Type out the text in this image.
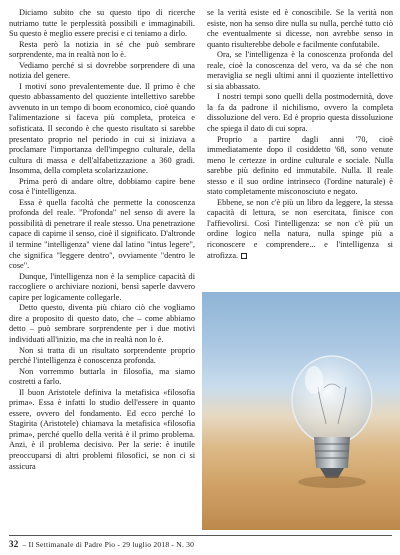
Diciamo subito che su questo tipo di ricerche nutriamo tutte le perplessità possibili e immaginabili. Su questo è meglio essere precisi e ci teniamo a dirlo.

Resta però la notizia in sé che può sembrare sorprendente, ma in realtà non lo è.

Vediamo perché si si dovrebbe sorprendere di una notizia del genere.

I motivi sono prevalentemente due. Il primo è che questo abbassamento del quoziente intellettivo sarebbe avvenuto in un tempo di boom economico, cioè quando l'alimentazione si faceva più completa, proteica e sofisticata. Il secondo è che questo risultato si sarebbe presentato proprio nel periodo in cui si iniziava a proclamare l'importanza dell'impegno culturale, della cultura di massa e dell'alfabetizzazione a 360 gradi. Insomma, della completa scolarizzazione.

Prima però di andare oltre, dobbiamo capire bene cosa è l'intelligenza.

Essa è quella facoltà che permette la conoscenza profonda del reale. "Profonda" nel senso di avere la possibilità di penetrare il reale stesso. Una penetrazione capace di capirne il senso, cioè il significato. D'altronde il termine "intelligenza" viene dal latino "intus legere", che significa "leggere dentro", ovviamente "dentro le cose".

Dunque, l'intelligenza non è la semplice capacità di raccogliere o archiviare nozioni, bensì saperle davvero capire per logicamente collegarle.

Detto questo, diventa più chiaro ciò che vogliamo dire a proposito di questo dato, che – come abbiamo detto – può sembrare sorprendente per i due motivi individuati all'inizio, ma che in realtà non lo è.

Non si tratta di un risultato sorprendente proprio perché l'intelligenza è conoscenza profonda.

Non vorremmo buttarla in filosofia, ma siamo costretti a farlo.

Il buon Aristotele definiva la metafisica «filosofia prima». Essa è infatti lo studio dell'essere in quanto essere, ovvero del fondamento. Ed ecco perché lo Stagirita (Aristotele) chiamava la metafisica «filosofia prima», perché quello della verità è il primo problema. Anzi, è il problema decisivo. Per la serie: è inutile preoccuparsi di altri problemi filosofici, se non ci si assicura

se la verità esiste ed è conoscibile. Se la verità non esiste, non ha senso dire nulla su nulla, perché tutto ciò che eventualmente si dicesse, non avrebbe senso in quanto risulterebbe debole e facilmente confutabile.

Ora, se l'intelligenza è la conoscenza profonda del reale, cioè la conoscenza del vero, va da sé che non meraviglia se negli ultimi anni il quoziente intellettivo si sia abbassato.

I nostri tempi sono quelli della postmodernità, dove la fa da padrone il nichilismo, ovvero la completa dissoluzione del vero. Ed è proprio questa dissoluzione che spiega il dato di cui sopra.

Proprio a partire dagli anni '70, cioè immediatamente dopo il cosiddetto '68, sono venute meno le certezze in ordine culturale e sociale. Nulla sarebbe più definito ed immutabile. Nulla. Il reale stesso e il suo ordine intrinseco (l'ordine naturale) è stato completamente misconosciuto e negato.

Ebbene, se non c'è più un libro da leggere, la stessa capacità di lettura, se non esercitata, finisce con l'affievolirsi. Così l'intelligenza: se non c'è più un ordine logico nella natura, nulla spinge più a riconoscere e comprendere... e l'intelligenza si atrofizza.

32 – Il Settimanale di Padre Pio - 29 luglio 2018 - N. 30
